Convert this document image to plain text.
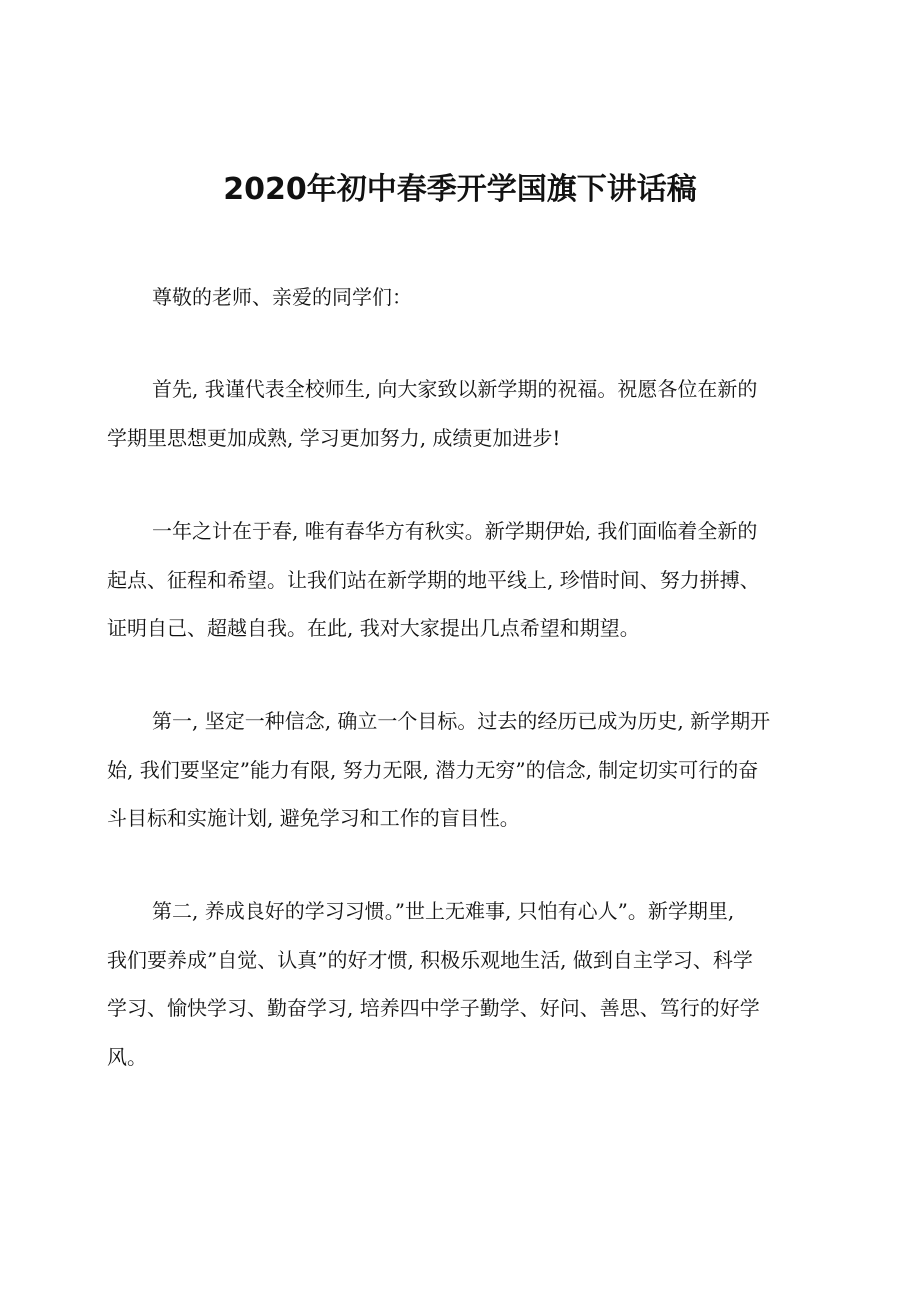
2020年初中春季开学国旗下讲话稿

尊敬的老师、亲爱的同学们：

首先, 我谨代表全校师生, 向大家致以新学期的祝福。祝愿各位在新的
学期里思想更加成熟, 学习更加努力, 成绩更加进步!

一年之计在于春, 唯有春华方有秋实。新学期伊始, 我们面临着全新的
起点、征程和希望。让我们站在新学期的地平线上, 珍惜时间、努力拼搏、
证明自己、超越自我。在此, 我对大家提出几点希望和期望。

第一, 坚定一种信念, 确立一个目标。过去的经历已成为历史, 新学期开
始, 我们要坚定”能力有限, 努力无限, 潜力无穷”的信念, 制定切实可行的奋
斗目标和实施计划, 避免学习和工作的盲目性。

第二, 养成良好的学习习惯。”世上无难事, 只怕有心人”。新学期里,
我们要养成”自觉、认真”的好才惯, 积极乐观地生活, 做到自主学习、科学
学习、愉快学习、勤奋学习, 培养四中学子勤学、好问、善思、笃行的好学
风。
